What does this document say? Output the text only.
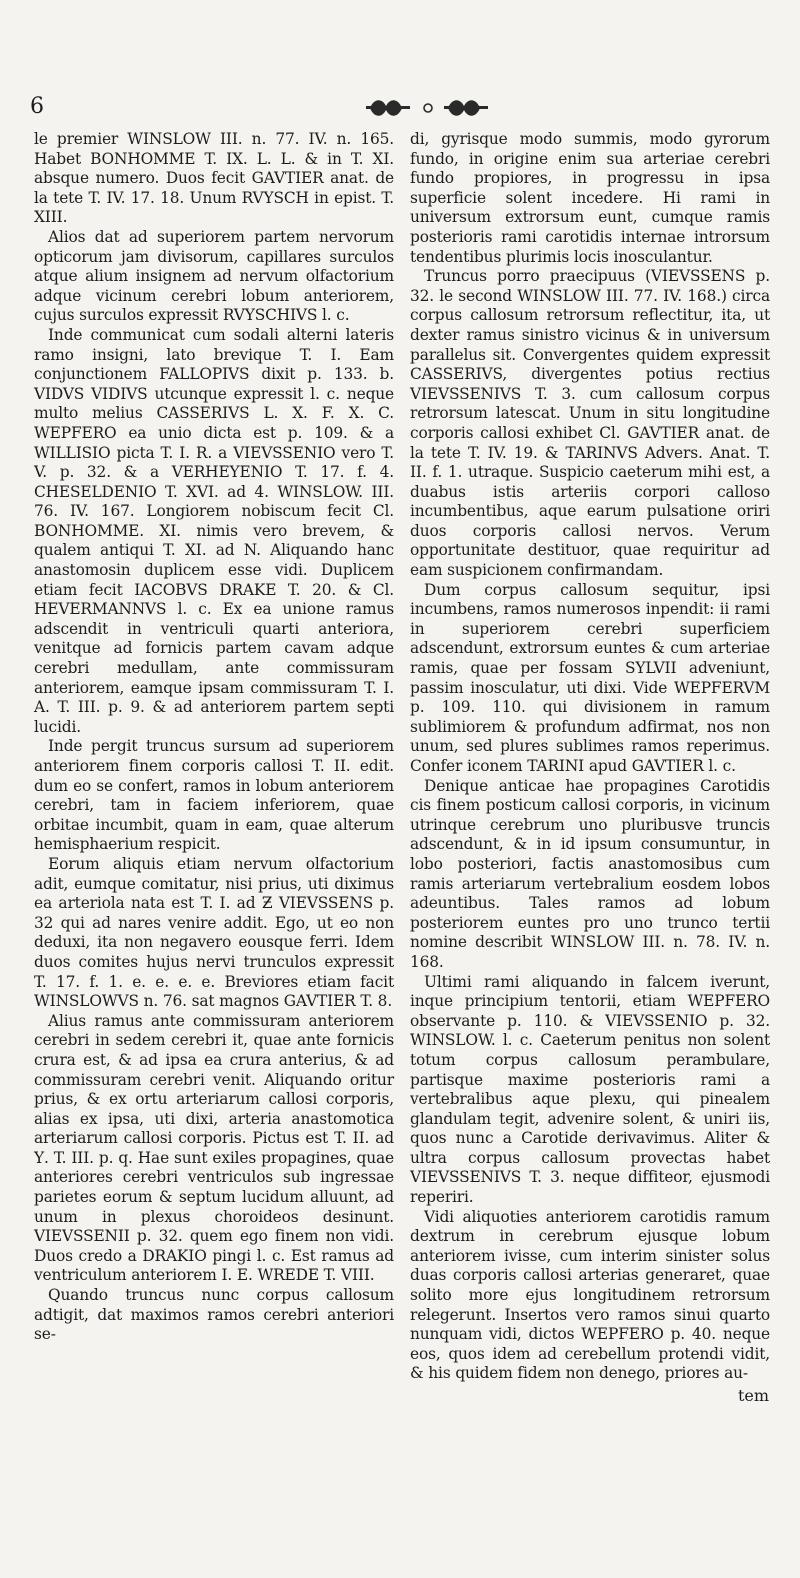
6

le premier WINSLOW III. n. 77. IV. n. 165. Habet BONHOMME T. IX. L. L. & in T. XI. absque numero. Duos fecit GAVTIER anat. de la tete T. IV. 17. 18. Unum RVYSCH in epist. T. XIII.

Alios dat ad superiorem partem nervorum opticorum jam divisorum, capillares surculos atque alium insignem ad nervum olfactorium adque vicinum cerebri lobum anteriorem, cujus surculos expressit RVYSCHIVS l. c.

Inde communicat cum sodali alterni lateris ramo insigni, lato brevique T. I. Eam conjunctionem FALLOPIVS dixit p. 133. b. VIDVS VIDIVS utcunque expressit l. c. neque multo melius CASSERIVS L. X. F. X. C. WEPFERO ea unio dicta est p. 109. & a WILLISIO picta T. I. R. a VIEVSSENIO vero T. V. p. 32. & a VERHEYENIO T. 17. f. 4. CHESELDENIO T. XVI. ad 4. WINSLOW. III. 76. IV. 167. Longiorem nobiscum fecit Cl. BONHOMME. XI. nimis vero brevem, & qualem antiqui T. XI. ad N. Aliquando hanc anastomosin duplicem esse vidi. Duplicem etiam fecit IACOBVS DRAKE T. 20. & Cl. HEVERMANNVS l. c. Ex ea unione ramus adscendit in ventriculi quarti anteriora, venitque ad fornicis partem cavam adque cerebri medullam, ante commissuram anteriorem, eamque ipsam commissuram T. I. A. T. III. p. 9. & ad anteriorem partem septi lucidi.

Inde pergit truncus sursum ad superiorem anteriorem finem corporis callosi T. II. edit. dum eo se confert, ramos in lobum anteriorem cerebri, tam in faciem inferiorem, quae orbitae incumbit, quam in eam, quae alterum hemisphaerium respicit.

Eorum aliquis etiam nervum olfactorium adit, eumque comitatur, nisi prius, uti diximus ea arteriola nata est T. I. ad Ƶ VIEVSSENS p. 32 qui ad nares venire addit. Ego, ut eo non deduxi, ita non negavero eousque ferri. Idem duos comites hujus nervi trunculos expressit T. 17. f. 1. e. e. e. e. Breviores etiam facit WINSLOWVS n. 76. sat magnos GAVTIER T. 8.

Alius ramus ante commissuram anteriorem cerebri in sedem cerebri it, quae ante fornicis crura est, & ad ipsa ea crura anterius, & ad commissuram cerebri venit. Aliquando oritur prius, & ex ortu arteriarum callosi corporis, alias ex ipsa, uti dixi, arteria anastomotica arteriarum callosi corporis. Pictus est T. II. ad Υ. T. III. p. q. Hae sunt exiles propagines, quae anteriores cerebri ventriculos sub ingressae parietes eorum & septum lucidum alluunt, ad unum in plexus choroideos desinunt. VIEVSSENII p. 32. quem ego finem non vidi. Duos credo a DRAKIO pingi l. c. Est ramus ad ventriculum anteriorem I. E. WREDE T. VIII.

Quando truncus nunc corpus callosum adtigit, dat maximos ramos cerebri anteriori se-

di, gyrisque modo summis, modo gyrorum fundo, in origine enim sua arteriae cerebri fundo propiores, in progressu in ipsa superficie solent incedere. Hi rami in universum extrorsum eunt, cumque ramis posterioris rami carotidis internae introrsum tendentibus plurimis locis inosculantur.

Truncus porro praecipuus (VIEVSSENS p. 32. le second WINSLOW III. 77. IV. 168.) circa corpus callosum retrorsum reflectitur, ita, ut dexter ramus sinistro vicinus & in universum parallelus sit. Convergentes quidem expressit CASSERIVS, divergentes potius rectius VIEVSSENIVS T. 3. cum callosum corpus retrorsum latescat. Unum in situ longitudine corporis callosi exhibet Cl. GAVTIER anat. de la tete T. IV. 19. & TARINVS Advers. Anat. T. II. f. 1. utraque. Suspicio caeterum mihi est, a duabus istis arteriis corpori calloso incumbentibus, aque earum pulsatione oriri duos corporis callosi nervos. Verum opportunitate destituor, quae requiritur ad eam suspicionem confirmandam.

Dum corpus callosum sequitur, ipsi incumbens, ramos numerosos inpendit: ii rami in superiorem cerebri superficiem adscendunt, extrorsum euntes & cum arteriae ramis, quae per fossam SYLVII adveniunt, passim inosculatur, uti dixi. Vide WEPFERVM p. 109. 110. qui divisionem in ramum sublimiorem & profundum adfirmat, nos non unum, sed plures sublimes ramos reperimus. Confer iconem TARINI apud GAVTIER l. c.

Denique anticae hae propagines Carotidis cis finem posticum callosi corporis, in vicinum utrinque cerebrum uno pluribusve truncis adscendunt, & in id ipsum consumuntur, in lobo posteriori, factis anastomosibus cum ramis arteriarum vertebralium eosdem lobos adeuntibus. Tales ramos ad lobum posteriorem euntes pro uno trunco tertii nomine describit WINSLOW III. n. 78. IV. n. 168.

Ultimi rami aliquando in falcem iverunt, inque principium tentorii, etiam WEPFERO observante p. 110. & VIEVSSENIO p. 32. WINSLOW. l. c. Caeterum penitus non solent totum corpus callosum perambulare, partisque maxime posterioris rami a vertebralibus aque plexu, qui pinealem glandulam tegit, advenire solent, & uniri iis, quos nunc a Carotide derivavimus. Aliter & ultra corpus callosum provectas habet VIEVSSENIVS T. 3. neque diffiteor, ejusmodi reperiri.

Vidi aliquoties anteriorem carotidis ramum dextrum in cerebrum ejusque lobum anteriorem ivisse, cum interim sinister solus duas corporis callosi arterias generaret, quae solito more ejus longitudinem retrorsum relegerunt. Insertos vero ramos sinui quarto nunquam vidi, dictos WEPFERO p. 40. neque eos, quos idem ad cerebellum protendi vidit, & his quidem fidem non denego, priores au-

tem
